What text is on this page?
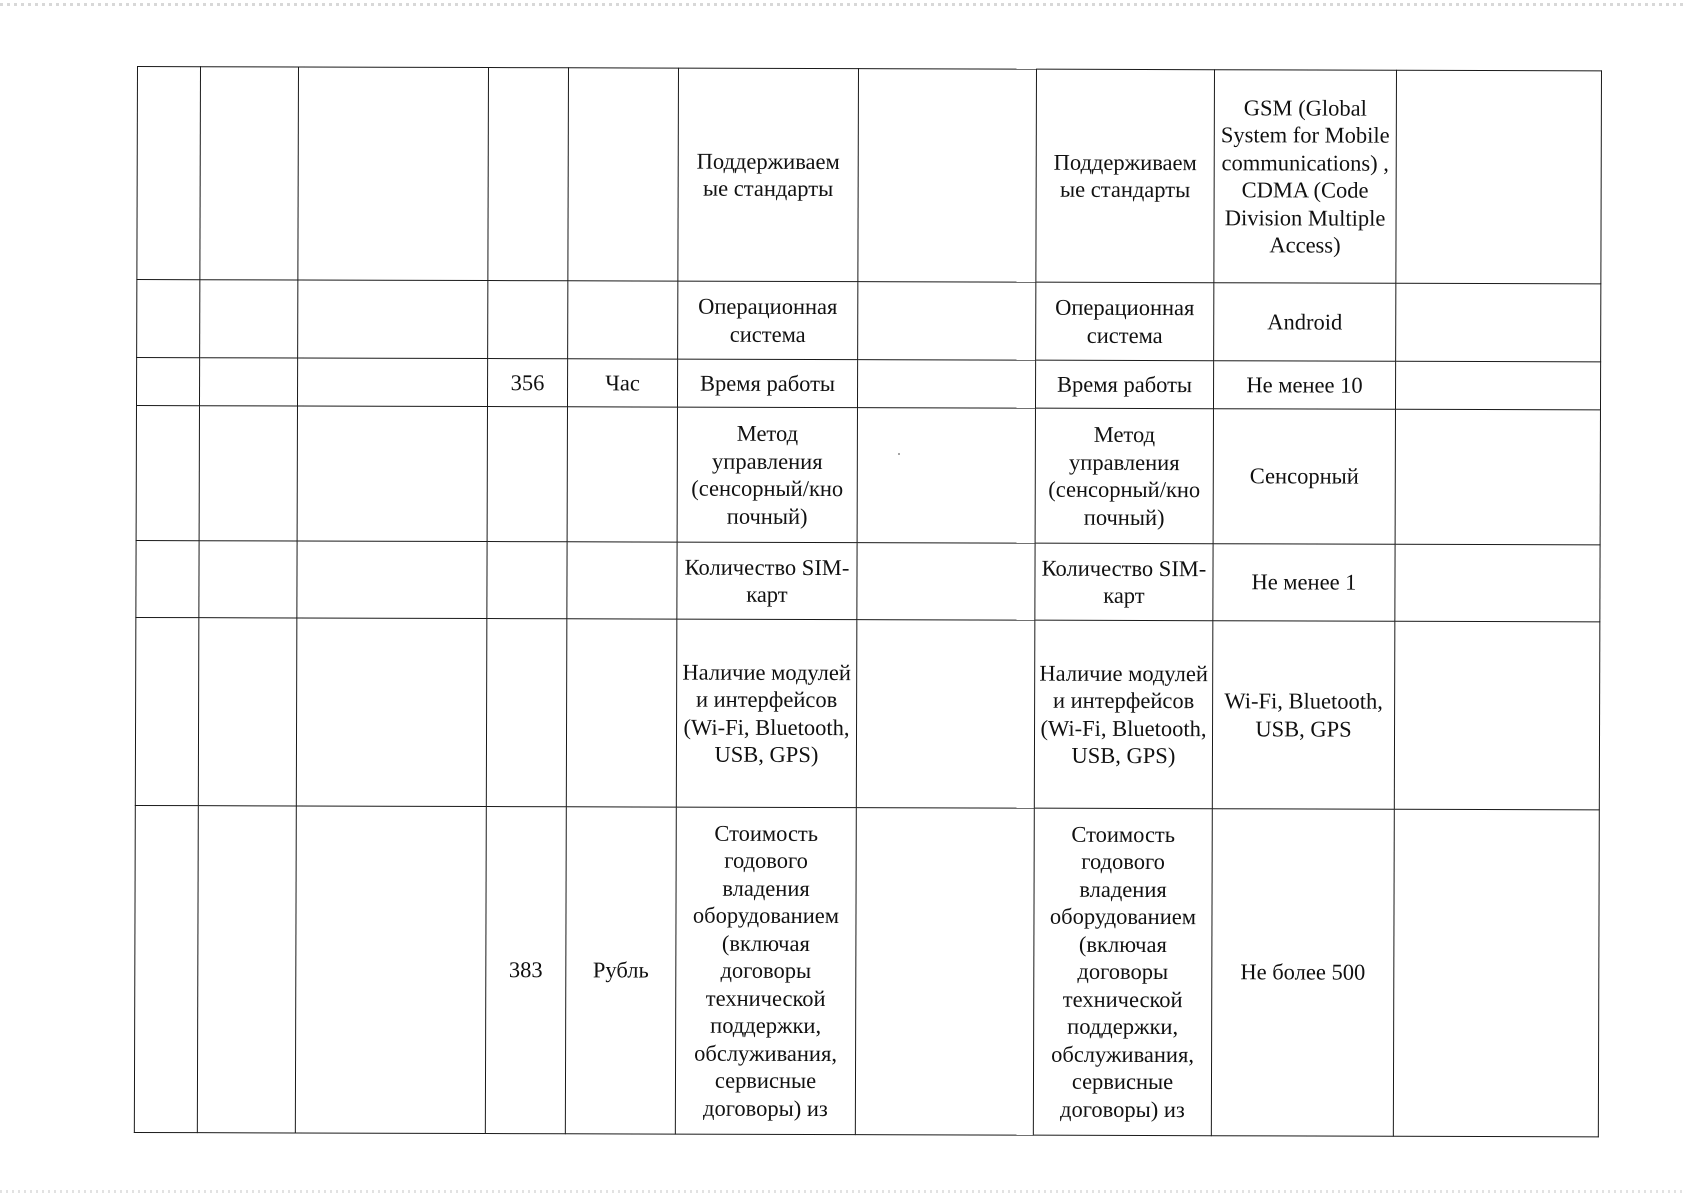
					Поддерживаем ые стандарты		Поддерживаем ые стандарты	GSM (Global System for Mobile communications) , CDMA (Code Division Multiple Access)	
					Операционная система		Операционная система	Android	
			356	Час	Время работы		Время работы	Не менее 10	
					Метод управления (сенсорный/кно почный)		Метод управления (сенсорный/кно почный)	Сенсорный	
					Количество SIM-карт		Количество SIM-карт	Не менее 1	
					Наличие модулей и интерфейсов (Wi-Fi, Bluetooth, USB, GPS)		Наличие модулей и интерфейсов (Wi-Fi, Bluetooth, USB, GPS)	Wi-Fi, Bluetooth, USB, GPS	
			383	Рубль	Стоимость годового владения оборудованием (включая договоры технической поддержки, обслуживания, сервисные договоры) из		Стоимость годового владения оборудованием (включая договоры технической поддержки, обслуживания, сервисные договоры) из	Не более 500	
